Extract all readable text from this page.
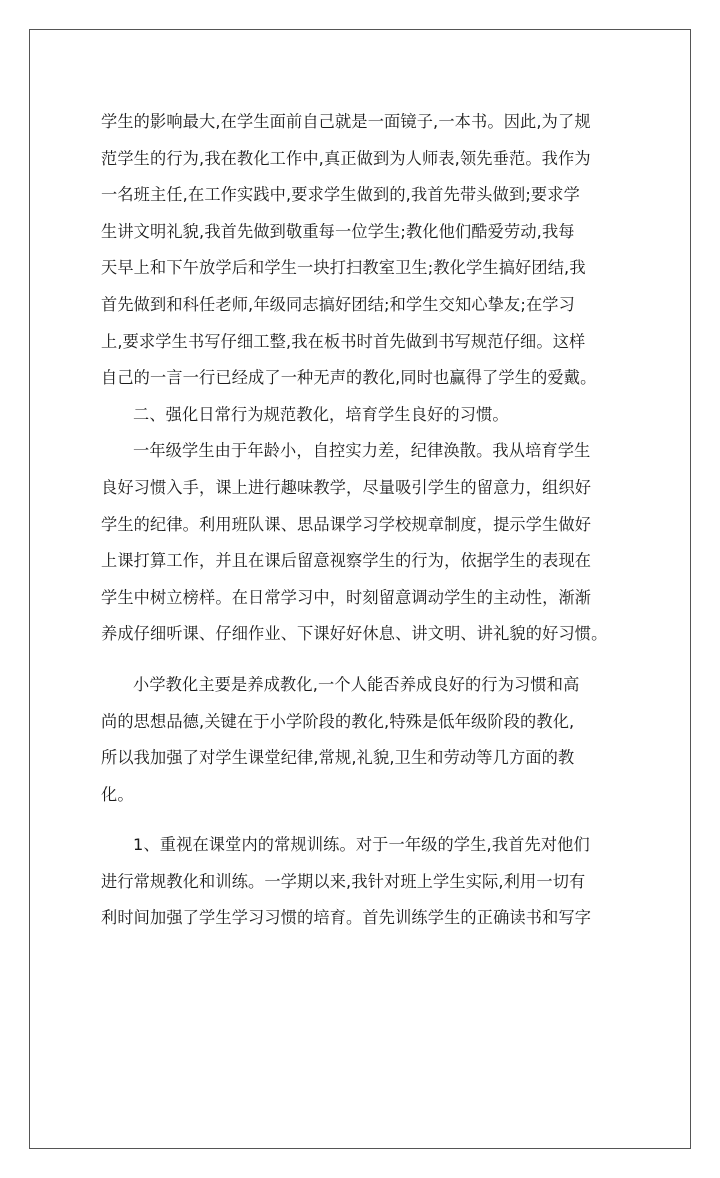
学生的影响最大,在学生面前自己就是一面镜子,一本书。因此,为了规
范学生的行为,我在教化工作中,真正做到为人师表,领先垂范。我作为
一名班主任,在工作实践中,要求学生做到的,我首先带头做到;要求学
生讲文明礼貌,我首先做到敬重每一位学生;教化他们酷爱劳动,我每
天早上和下午放学后和学生一块打扫教室卫生;教化学生搞好团结,我
首先做到和科任老师,年级同志搞好团结;和学生交知心挚友;在学习
上,要求学生书写仔细工整,我在板书时首先做到书写规范仔细。这样
自己的一言一行已经成了一种无声的教化,同时也赢得了学生的爱戴。
二、强化日常行为规范教化，培育学生良好的习惯。
一年级学生由于年龄小，自控实力差，纪律涣散。我从培育学生
良好习惯入手，课上进行趣味教学，尽量吸引学生的留意力，组织好
学生的纪律。利用班队课、思品课学习学校规章制度，提示学生做好
上课打算工作，并且在课后留意视察学生的行为，依据学生的表现在
学生中树立榜样。在日常学习中，时刻留意调动学生的主动性，渐渐
养成仔细听课、仔细作业、下课好好休息、讲文明、讲礼貌的好习惯。
小学教化主要是养成教化,一个人能否养成良好的行为习惯和高
尚的思想品德,关键在于小学阶段的教化,特殊是低年级阶段的教化,
所以我加强了对学生课堂纪律,常规,礼貌,卫生和劳动等几方面的教
化。
1、重视在课堂内的常规训练。对于一年级的学生,我首先对他们
进行常规教化和训练。一学期以来,我针对班上学生实际,利用一切有
利时间加强了学生学习习惯的培育。首先训练学生的正确读书和写字
